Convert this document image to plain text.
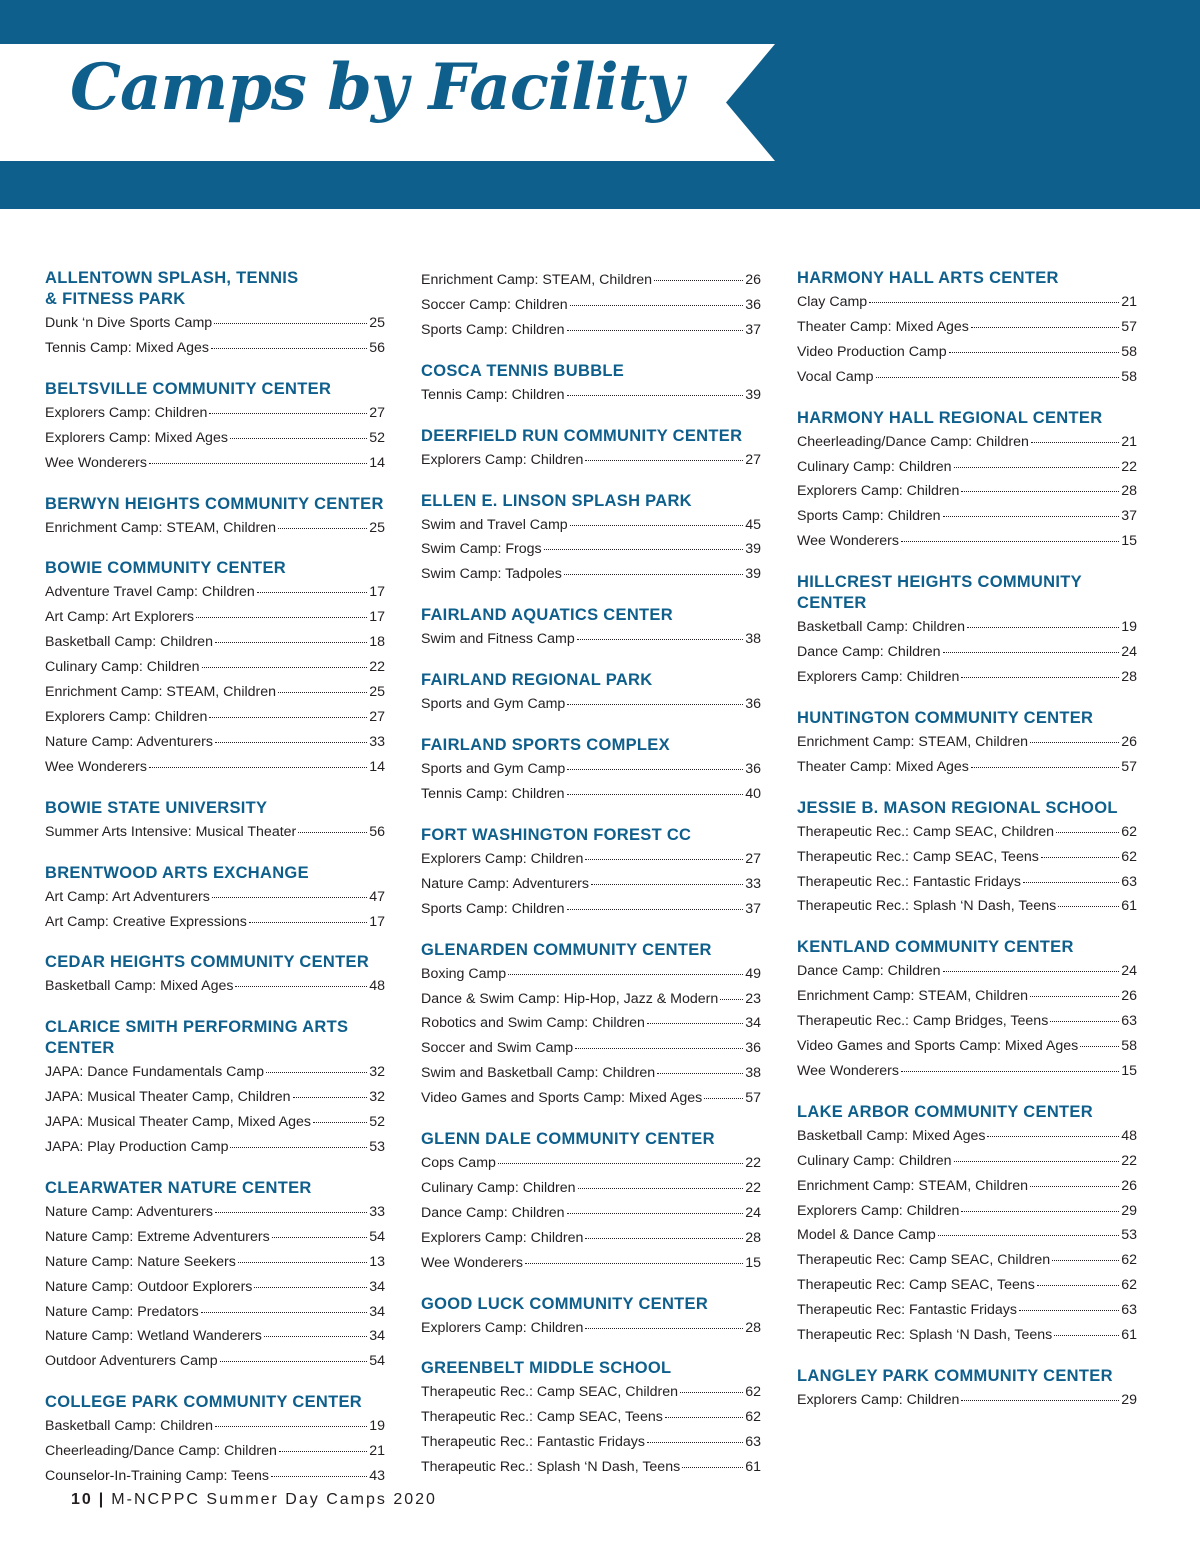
Camps by Facility
ALLENTOWN SPLASH, TENNIS
& FITNESS PARK
Dunk ‘n Dive Sports Camp	25
Tennis Camp: Mixed Ages	56
BELTSVILLE COMMUNITY CENTER
Explorers Camp: Children	27
Explorers Camp: Mixed Ages	52
Wee Wonderers	14
BERWYN HEIGHTS COMMUNITY CENTER
Enrichment Camp: STEAM, Children	25
BOWIE COMMUNITY CENTER
Adventure Travel Camp: Children	17
Art Camp: Art Explorers	17
Basketball Camp: Children	18
Culinary Camp: Children	22
Enrichment Camp: STEAM, Children	25
Explorers Camp: Children	27
Nature Camp: Adventurers	33
Wee Wonderers	14
BOWIE STATE UNIVERSITY
Summer Arts Intensive: Musical Theater	56
BRENTWOOD ARTS EXCHANGE
Art Camp: Art Adventurers	47
Art Camp: Creative Expressions	17
CEDAR HEIGHTS COMMUNITY CENTER
Basketball Camp: Mixed Ages	48
CLARICE SMITH PERFORMING ARTS CENTER
JAPA: Dance Fundamentals Camp	32
JAPA: Musical Theater Camp, Children	32
JAPA: Musical Theater Camp, Mixed Ages	52
JAPA: Play Production Camp	53
CLEARWATER NATURE CENTER
Nature Camp: Adventurers	33
Nature Camp: Extreme Adventurers	54
Nature Camp: Nature Seekers	13
Nature Camp: Outdoor Explorers	34
Nature Camp: Predators	34
Nature Camp: Wetland Wanderers	34
Outdoor Adventurers Camp	54
COLLEGE PARK COMMUNITY CENTER
Basketball Camp: Children	19
Cheerleading/Dance Camp: Children	21
Counselor-In-Training Camp: Teens	43
Enrichment Camp: STEAM, Children	26
Soccer Camp: Children	36
Sports Camp: Children	37
COSCA TENNIS BUBBLE
Tennis Camp: Children	39
DEERFIELD RUN COMMUNITY CENTER
Explorers Camp: Children	27
ELLEN E. LINSON SPLASH PARK
Swim and Travel Camp	45
Swim Camp: Frogs	39
Swim Camp: Tadpoles	39
FAIRLAND AQUATICS CENTER
Swim and Fitness Camp	38
FAIRLAND REGIONAL PARK
Sports and Gym Camp	36
FAIRLAND SPORTS COMPLEX
Sports and Gym Camp	36
Tennis Camp: Children	40
FORT WASHINGTON FOREST CC
Explorers Camp: Children	27
Nature Camp: Adventurers	33
Sports Camp: Children	37
GLENARDEN COMMUNITY CENTER
Boxing Camp	49
Dance & Swim Camp: Hip-Hop, Jazz & Modern 23
Robotics and Swim Camp: Children	34
Soccer and Swim Camp	36
Swim and Basketball Camp: Children	38
Video Games and Sports Camp: Mixed Ages	57
GLENN DALE COMMUNITY CENTER
Cops Camp	22
Culinary Camp: Children	22
Dance Camp: Children	24
Explorers Camp: Children	28
Wee Wonderers	15
GOOD LUCK COMMUNITY CENTER
Explorers Camp: Children	28
GREENBELT MIDDLE SCHOOL
Therapeutic Rec.: Camp SEAC, Children	62
Therapeutic Rec.: Camp SEAC, Teens	62
Therapeutic Rec.: Fantastic Fridays	63
Therapeutic Rec.: Splash ‘N Dash, Teens	61
HARMONY HALL ARTS CENTER
Clay Camp	21
Theater Camp: Mixed Ages	57
Video Production Camp	58
Vocal Camp	58
HARMONY HALL REGIONAL CENTER
Cheerleading/Dance Camp: Children	21
Culinary Camp: Children	22
Explorers Camp: Children	28
Sports Camp: Children	37
Wee Wonderers	15
HILLCREST HEIGHTS COMMUNITY CENTER
Basketball Camp: Children	19
Dance Camp: Children	24
Explorers Camp: Children	28
HUNTINGTON COMMUNITY CENTER
Enrichment Camp: STEAM, Children	26
Theater Camp: Mixed Ages	57
JESSIE B. MASON REGIONAL SCHOOL
Therapeutic Rec.: Camp SEAC, Children	62
Therapeutic Rec.: Camp SEAC, Teens	62
Therapeutic Rec.: Fantastic Fridays	63
Therapeutic Rec.: Splash ‘N Dash, Teens	61
KENTLAND COMMUNITY CENTER
Dance Camp: Children	24
Enrichment Camp: STEAM, Children	26
Therapeutic Rec.: Camp Bridges, Teens	63
Video Games and Sports Camp: Mixed Ages	58
Wee Wonderers	15
LAKE ARBOR COMMUNITY CENTER
Basketball Camp: Mixed Ages	48
Culinary Camp: Children	22
Enrichment Camp: STEAM, Children	26
Explorers Camp: Children	29
Model & Dance Camp	53
Therapeutic Rec: Camp SEAC, Children	62
Therapeutic Rec: Camp SEAC, Teens	62
Therapeutic Rec: Fantastic Fridays	63
Therapeutic Rec: Splash ‘N Dash, Teens	61
LANGLEY PARK COMMUNITY CENTER
Explorers Camp: Children	29
10 | M-NCPPC Summer Day Camps 2020
